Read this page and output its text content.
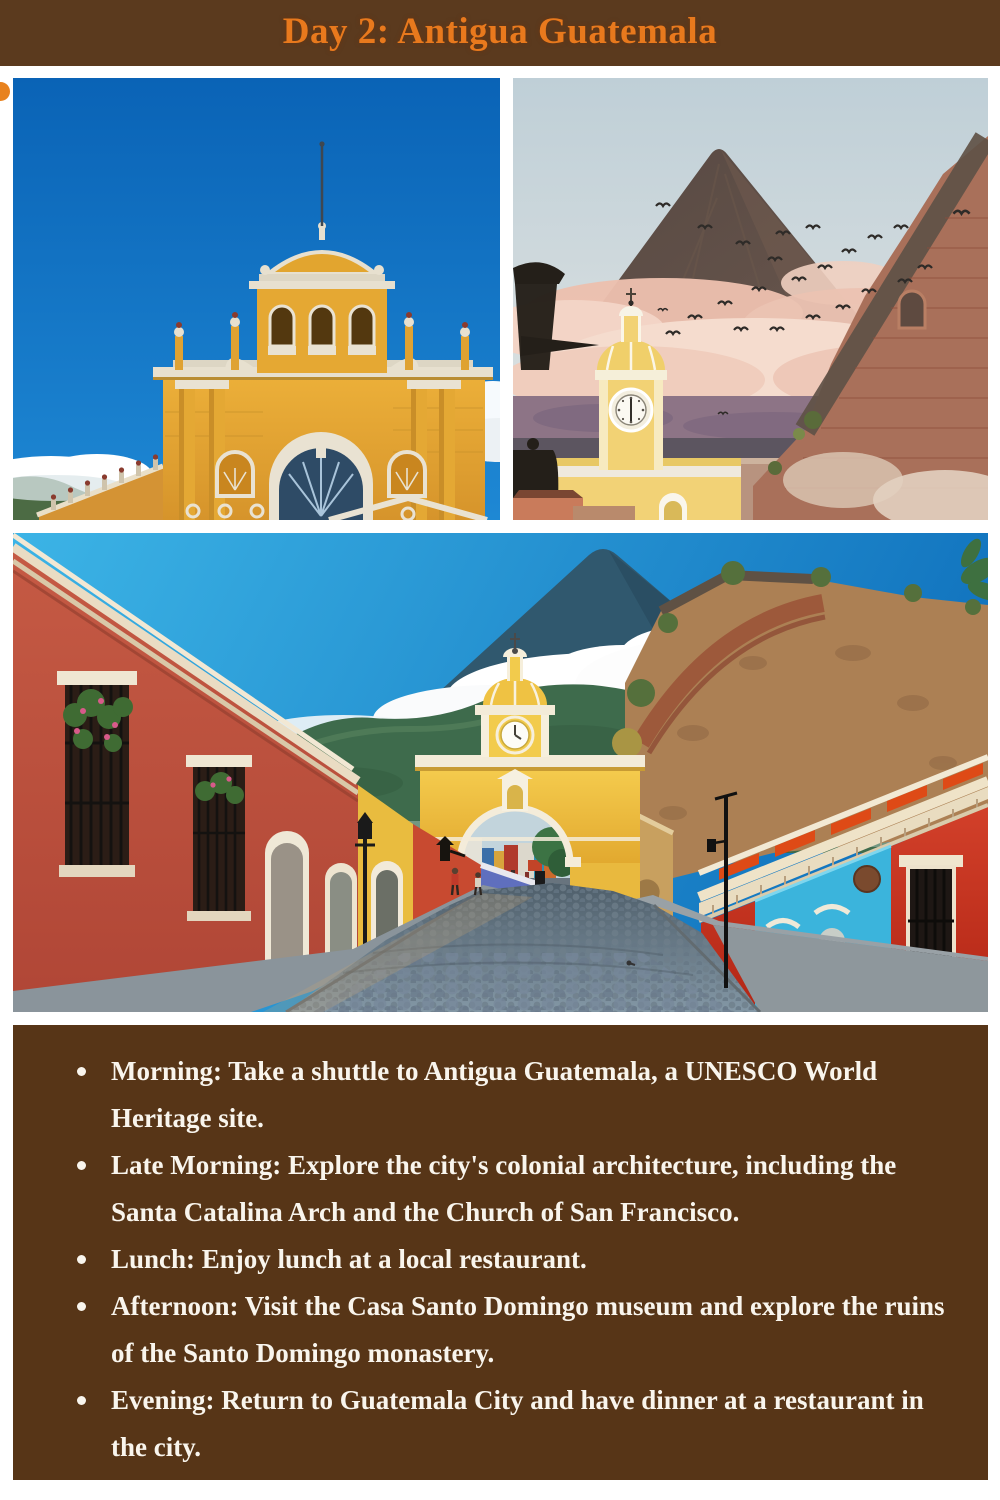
Day 2: Antigua Guatemala
Morning: Take a shuttle to Antigua Guatemala, a UNESCO World Heritage site.
Late Morning: Explore the city's colonial architecture, including the Santa Catalina Arch and the Church of San Francisco.
Lunch: Enjoy lunch at a local restaurant.
Afternoon: Visit the Casa Santo Domingo museum and explore the ruins of the Santo Domingo monastery.
Evening: Return to Guatemala City and have dinner at a restaurant in the city.
